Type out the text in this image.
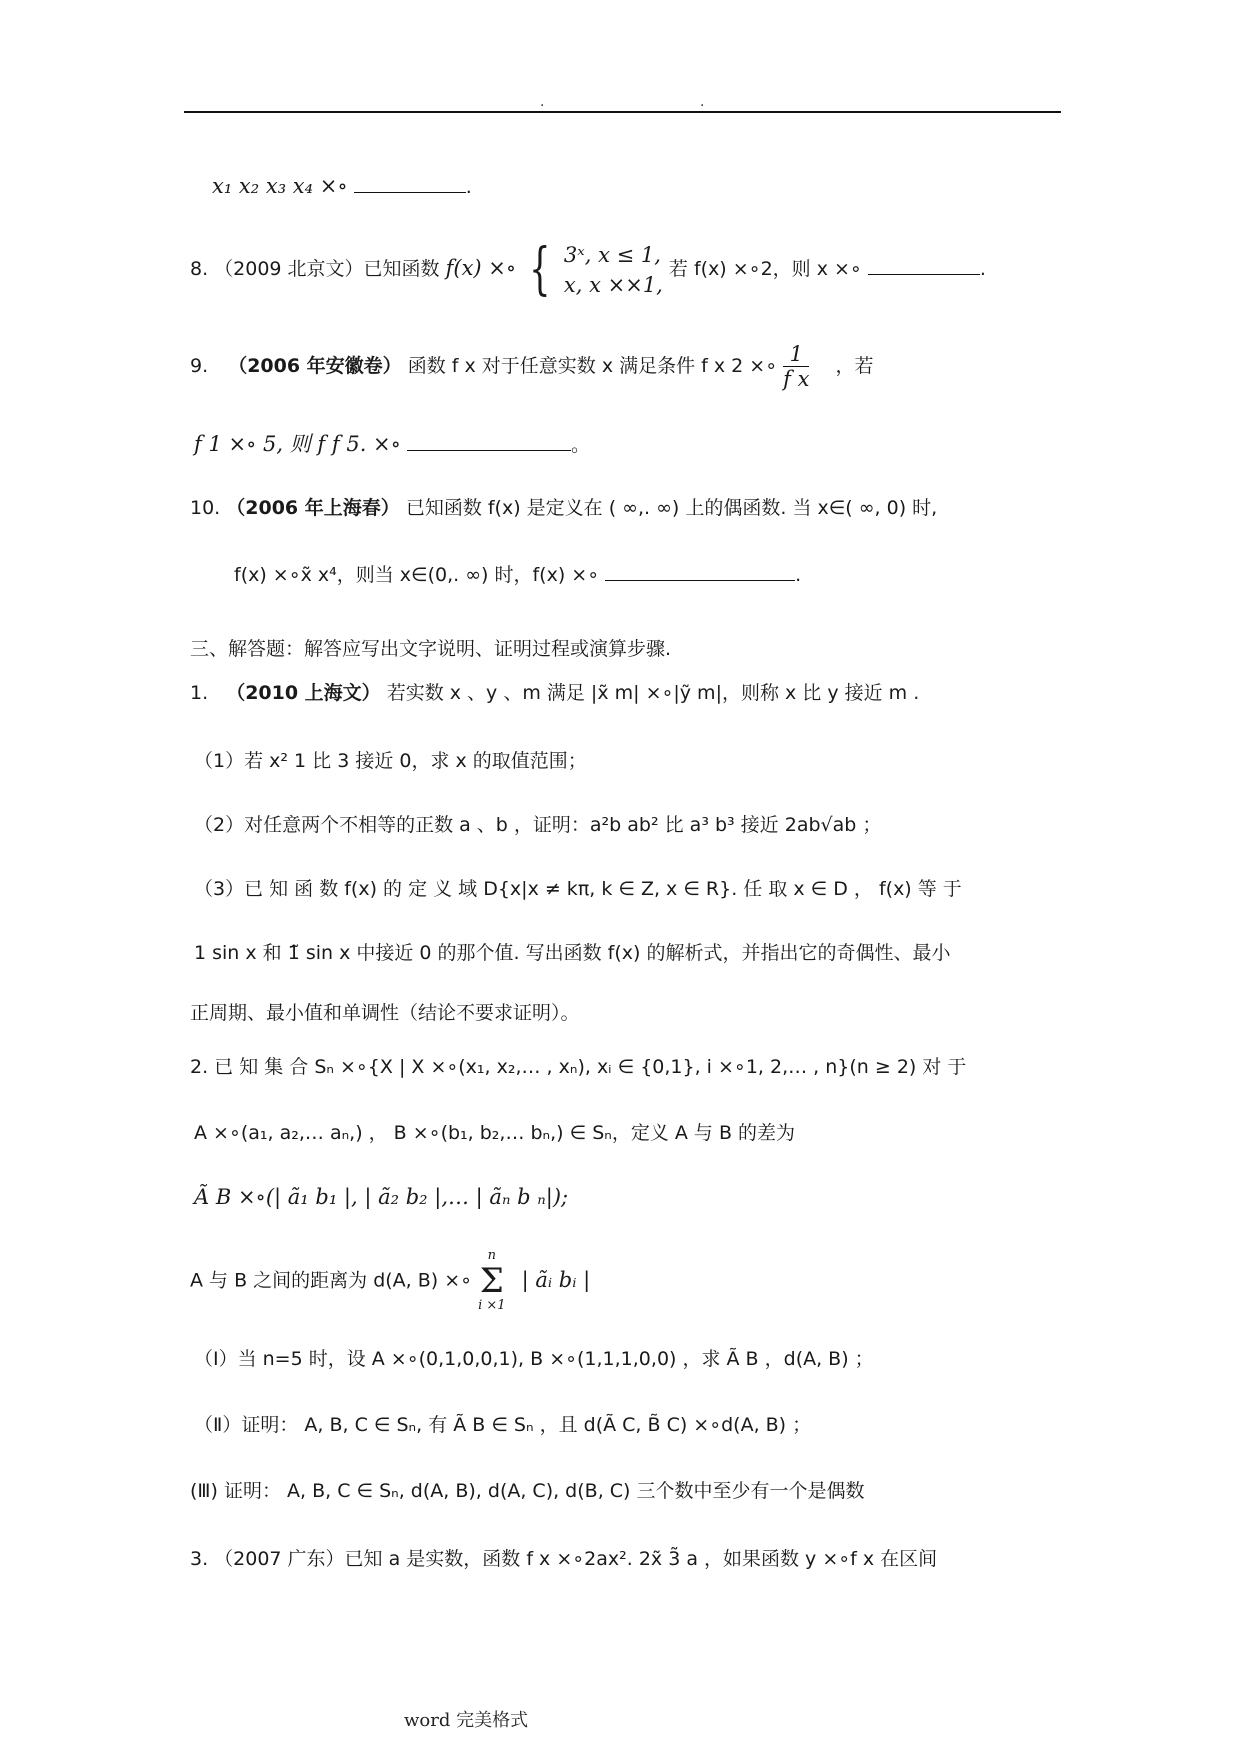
.	.
x₁ x₂ x₃ x₄ ×∘	.
8. （2009 北京文）已知函数 f(x) ×∘ { 3ˣ, x ≤ 1,
x, x ××1,
若 f(x) ×∘2，则 x ×∘	.
9. （2006 年安徽卷） 函数 f x 对于任意实数 x 满足条件 f x 2 ×∘ $\frac{1}{\text{f x}}$ ，若
f 1 ×∘ 5, 则 f f 5. ×∘	。
10. （2006 年上海春） 已知函数 f(x) 是定义在 ( ∞,. ∞) 上的偶函数. 当 x∈( ∞, 0) 时,
f(x) ×∘x̃ x⁴，则当 x∈(0,. ∞) 时，f(x) ×∘	.
三、解答题：解答应写出文字说明、证明过程或演算步骤.
1. （2010 上海文） 若实数 x 、y 、m 满足 |x̃ m| ×∘|ỹ m|，则称 x 比 y 接近 m .
（1）若 x² 1 比 3 接近 0，求 x 的取值范围；
（2）对任意两个不相等的正数 a 、b ，证明：a²b ab² 比 a³ b³ 接近 2ab√ab ；
（3）已 知 函 数 f(x) 的 定 义 域 D{x|x ≠ kπ, k ∈ Z, x ∈ R}. 任 取 x ∈ D ， f(x) 等 于
1 sin x 和 1̃ sin x 中接近 0 的那个值. 写出函数 f(x) 的解析式，并指出它的奇偶性、最小
正周期、最小值和单调性（结论不要求证明）。
2. 已 知 集 合 Sₙ ×∘{X | X ×∘(x₁, x₂,… , xₙ), xᵢ ∈ {0,1}, i ×∘1, 2,… , n}(n ≥ 2) 对 于
A ×∘(a₁, a₂,… aₙ,) ， B ×∘(b₁, b₂,… bₙ,) ∈ Sₙ，定义 A 与 B 的差为
Ã B ×∘(| ã₁ b₁ |, | ã₂ b₂ |,… | ãₙ b ₙ|);
A 与 B 之间的距离为 d(A, B) ×∘
n
Σ
i ×1
| ãᵢ bᵢ |
（Ⅰ）当 n=5 时，设 A ×∘(0,1,0,0,1), B ×∘(1,1,1,0,0) ，求 Ã B ，d(A, B) ；
（Ⅱ）证明： A, B, C ∈ Sₙ, 有 Ã B ∈ Sₙ ，且 d(Ã C, B̃ C) ×∘d(A, B) ；
(Ⅲ) 证明： A, B, C ∈ Sₙ, d(A, B), d(A, C), d(B, C) 三个数中至少有一个是偶数
3. （2007 广东）已知 a 是实数，函数 f x ×∘2ax². 2x̃ 3̃ a ，如果函数 y ×∘f x 在区间
word 完美格式
